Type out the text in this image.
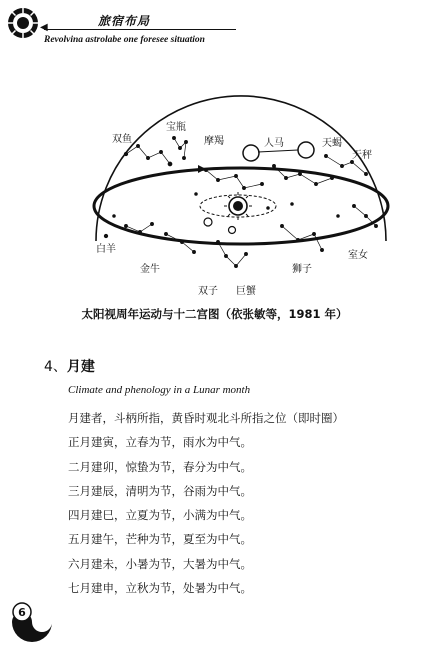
旅宿布局
◀
Revolvina astrolabe one foresee situation
双鱼
宝瓶
摩羯	人马	天蝎
天秤
白羊
金牛	狮子
室女
双子 巨蟹
太阳视周年运动与十二宫图（依张敏等，1981 年）
4、月建
Climate and phenology in a Lunar month
月建者，斗柄所指，黄昏时观北斗所指之位（即时圈）
正月建寅，立春为节，雨水为中气。
二月建卯，惊蛰为节，春分为中气。
三月建辰，清明为节，谷雨为中气。
四月建巳，立夏为节，小满为中气。
五月建午，芒种为节，夏至为中气。
六月建未，小暑为节，大暑为中气。
七月建申，立秋为节，处暑为中气。
6
